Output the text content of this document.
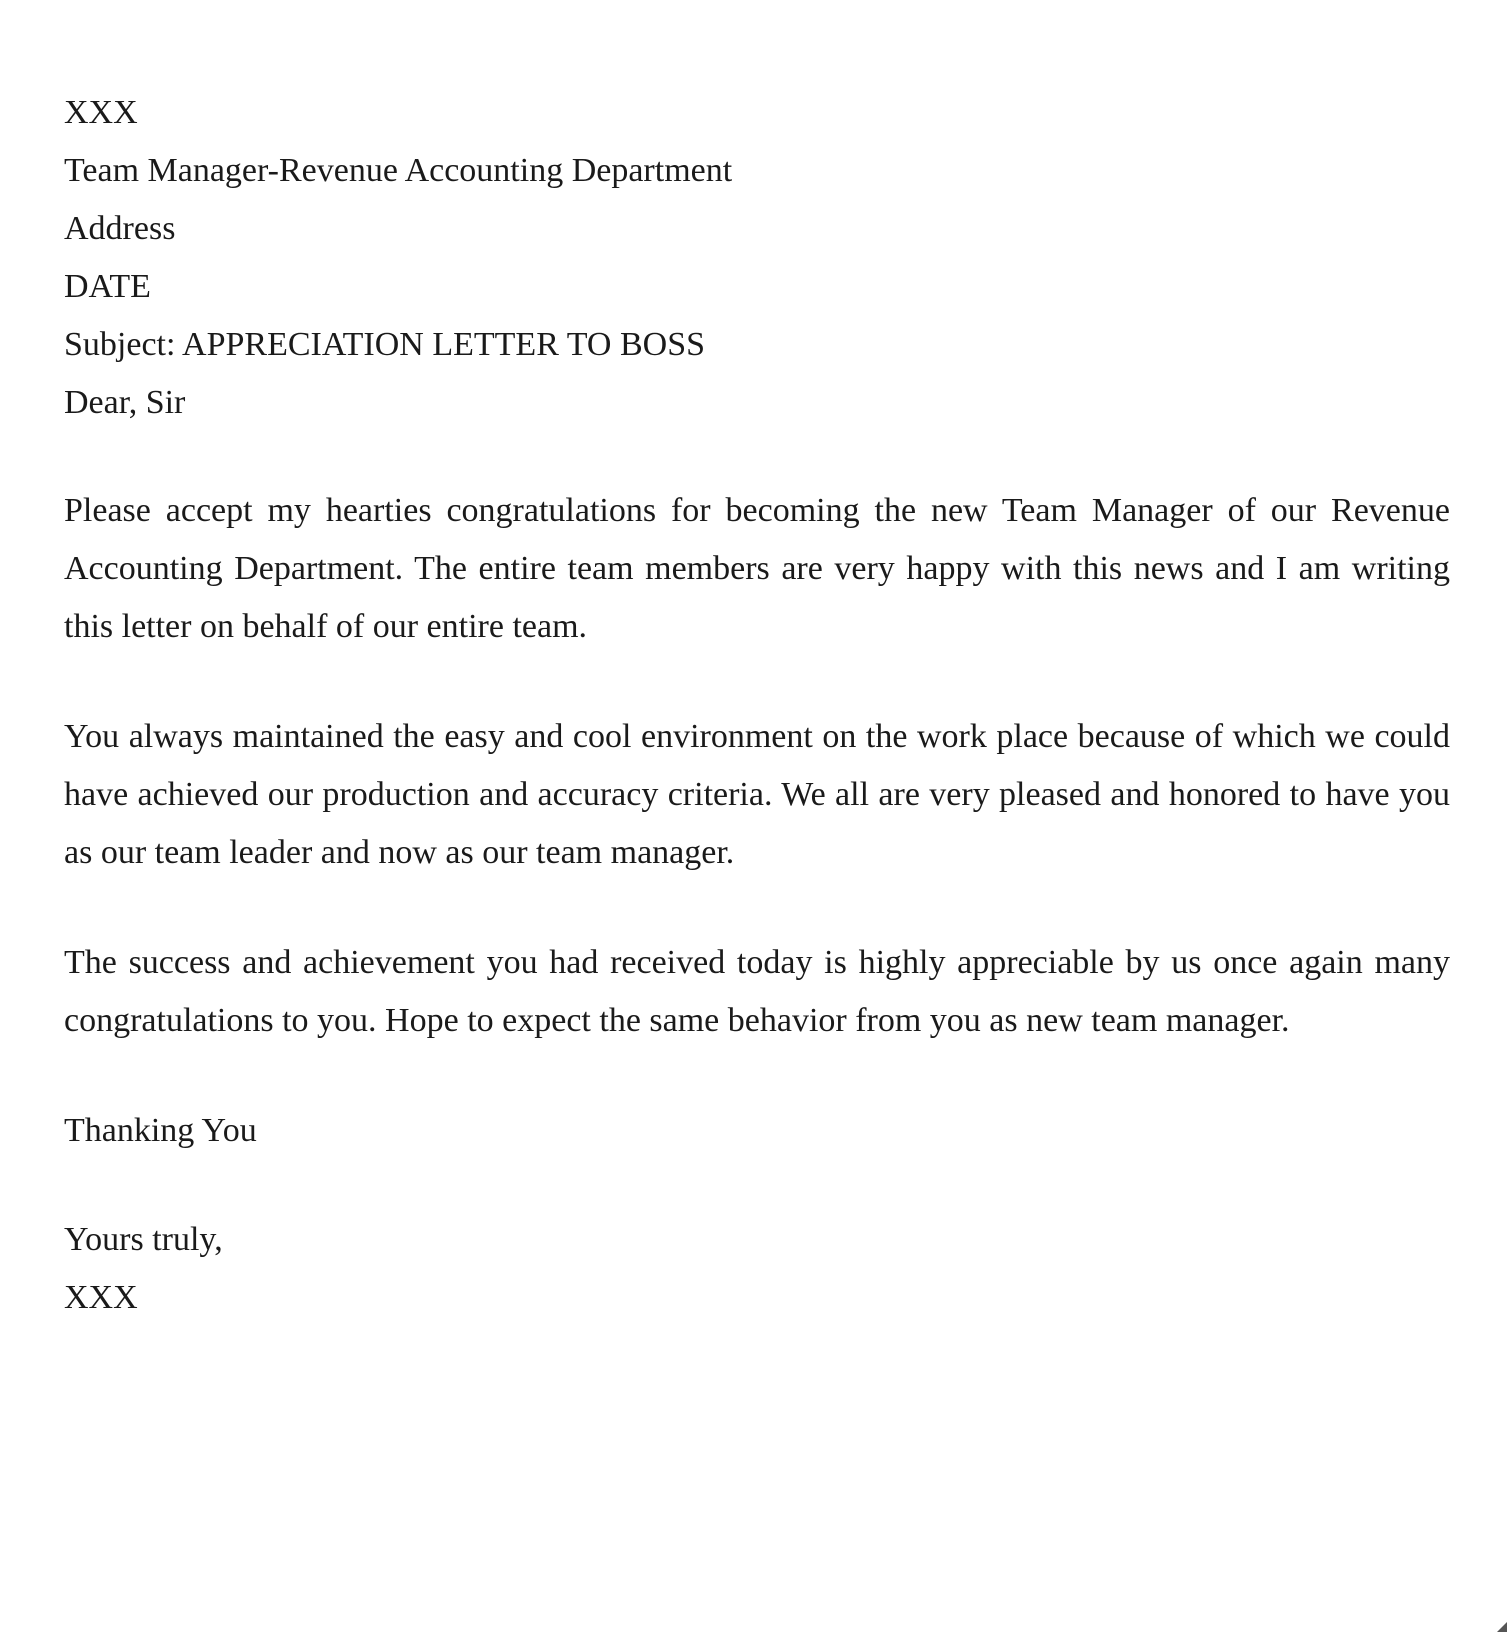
XXX

Team Manager-Revenue Accounting Department

Address

DATE

Subject: APPRECIATION LETTER TO BOSS

Dear, Sir

Please accept my hearties congratulations for becoming the new Team Manager of our Revenue Accounting Department. The entire team members are very happy with this news and I am writing this letter on behalf of our entire team.

You always maintained the easy and cool environment on the work place because of which we could have achieved our production and accuracy criteria. We all are very pleased and honored to have you as our team leader and now as our team manager.

The success and achievement you had received today is highly appreciable by us once again many congratulations to you. Hope to expect the same behavior from you as new team manager.

Thanking You

Yours truly,

XXX
